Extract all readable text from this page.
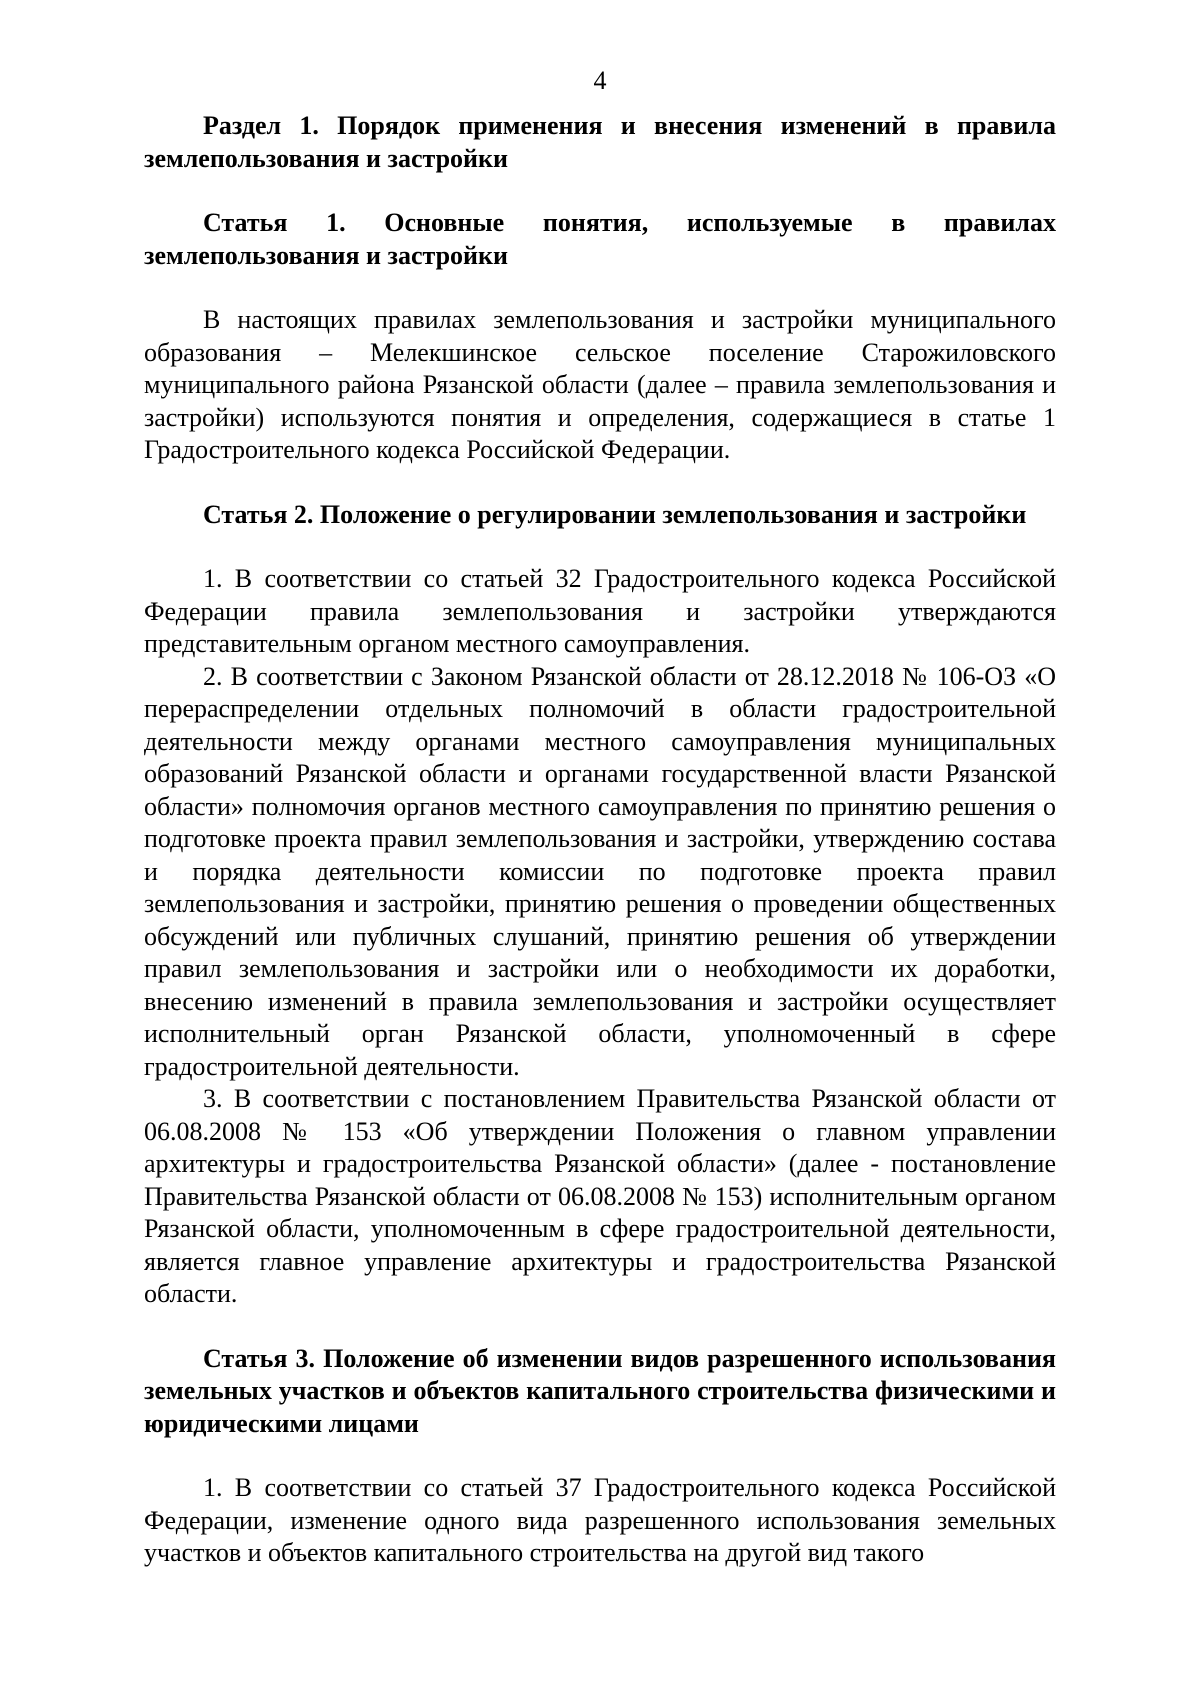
4

Раздел 1. Порядок применения и внесения изменений в правила землепользования и застройки

Статья 1. Основные понятия, используемые в правилах землепользования и застройки

В настоящих правилах землепользования и застройки муниципального образования – Мелекшинское сельское поселение Старожиловского муниципального района Рязанской области (далее – правила землепользования и застройки) используются понятия и определения, содержащиеся в статье 1 Градостроительного кодекса Российской Федерации.

Статья 2. Положение о регулировании землепользования и застройки

1. В соответствии со статьей 32 Градостроительного кодекса Российской Федерации правила землепользования и застройки утверждаются представительным органом местного самоуправления.

2. В соответствии с Законом Рязанской области от 28.12.2018 № 106-ОЗ «О перераспределении отдельных полномочий в области градостроительной деятельности между органами местного самоуправления муниципальных образований Рязанской области и органами государственной власти Рязанской области» полномочия органов местного самоуправления по принятию решения о подготовке проекта правил землепользования и застройки, утверждению состава и порядка деятельности комиссии по подготовке проекта правил землепользования и застройки, принятию решения о проведении общественных обсуждений или публичных слушаний, принятию решения об утверждении правил землепользования и застройки или о необходимости их доработки, внесению изменений в правила землепользования и застройки осуществляет исполнительный орган Рязанской области, уполномоченный в сфере градостроительной деятельности.

3. В соответствии с постановлением Правительства Рязанской области от 06.08.2008 № 153 «Об утверждении Положения о главном управлении архитектуры и градостроительства Рязанской области» (далее - постановление Правительства Рязанской области от 06.08.2008 № 153) исполнительным органом Рязанской области, уполномоченным в сфере градостроительной деятельности, является главное управление архитектуры и градостроительства Рязанской области.

Статья 3. Положение об изменении видов разрешенного использования земельных участков и объектов капитального строительства физическими и юридическими лицами

1. В соответствии со статьей 37 Градостроительного кодекса Российской Федерации, изменение одного вида разрешенного использования земельных участков и объектов капитального строительства на другой вид такого
